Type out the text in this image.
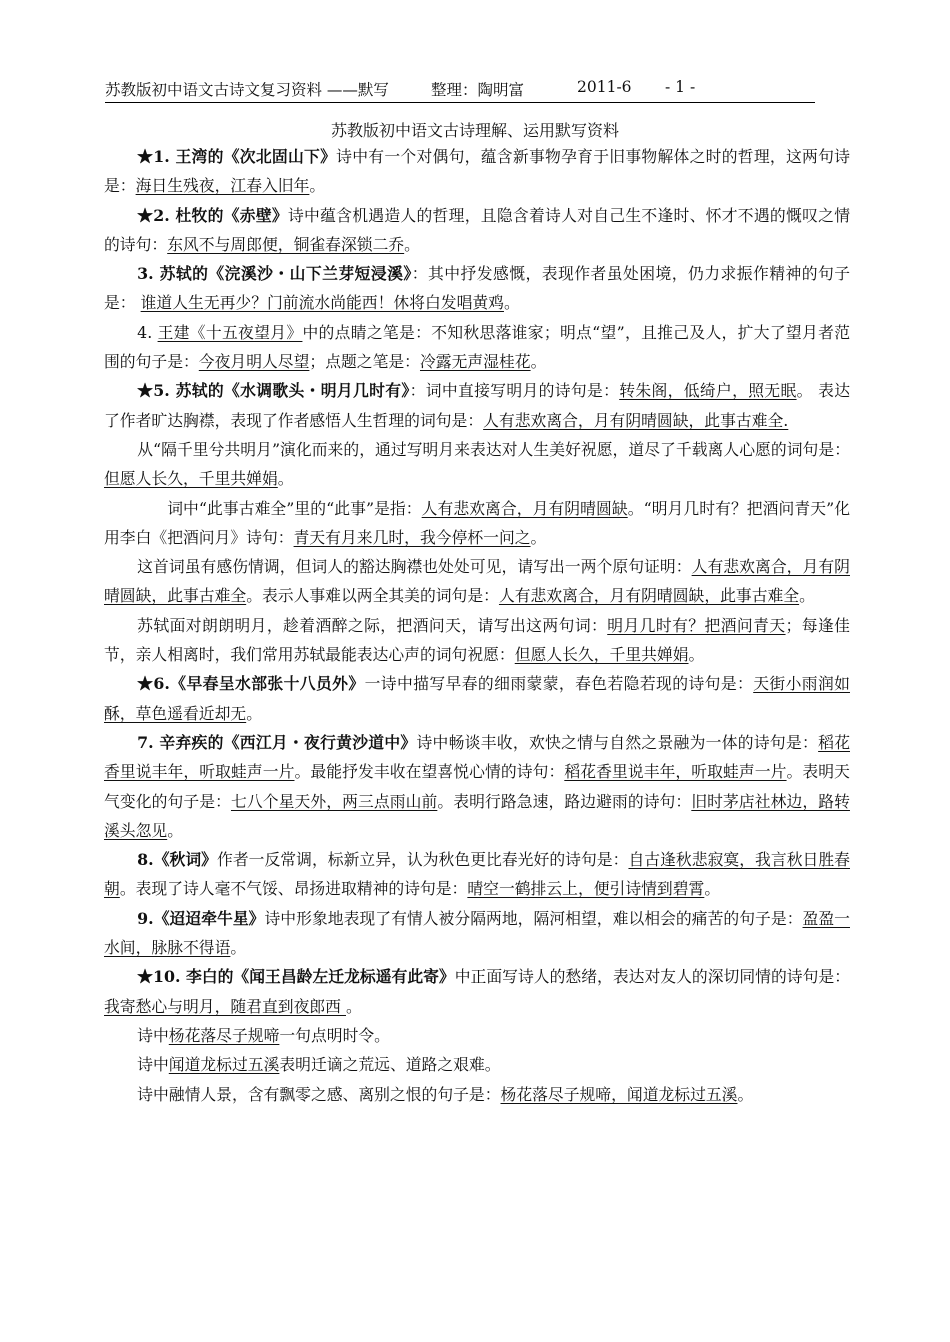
苏教版初中语文古诗文复习资料 ——默写	整理：陶明富	2011-6 - 1 -
苏教版初中语文古诗理解、运用默写资料

★1. 王湾的《次北固山下》诗中有一个对偶句，蕴含新事物孕育于旧事物解体之时的哲理，这两句诗是：海日生残夜，江春入旧年。

★2. 杜牧的《赤壁》诗中蕴含机遇造人的哲理，且隐含着诗人对自己生不逢时、怀才不遇的慨叹之情的诗句：东风不与周郎便，铜雀春深锁二乔。

3. 苏轼的《浣溪沙・山下兰芽短浸溪》：其中抒发感慨，表现作者虽处困境，仍力求振作精神的句子是： 谁道人生无再少？门前流水尚能西！休将白发唱黄鸡。

4. 王建《十五夜望月》中的点睛之笔是：不知秋思落谁家；明点“望”，且推己及人，扩大了望月者范围的句子是：今夜月明人尽望；点题之笔是：冷露无声湿桂花。

★5. 苏轼的《水调歌头・明月几时有》：词中直接写明月的诗句是：转朱阁，低绮户，照无眠。 表达了作者旷达胸襟，表现了作者感悟人生哲理的词句是：人有悲欢离合，月有阴晴圆缺，此事古难全.

从“隔千里兮共明月”演化而来的，通过写明月来表达对人生美好祝愿，道尽了千载离人心愿的词句是：但愿人长久，千里共婵娟。

词中“此事古难全”里的“此事”是指：人有悲欢离合，月有阴晴圆缺。“明月几时有？把酒问青天”化用李白《把酒问月》诗句：青天有月来几时，我今停杯一问之。

这首词虽有感伤情调，但词人的豁达胸襟也处处可见，请写出一两个原句证明：人有悲欢离合，月有阴晴圆缺，此事古难全。表示人事难以两全其美的词句是：人有悲欢离合，月有阴晴圆缺，此事古难全。

苏轼面对朗朗明月，趁着酒醉之际，把酒问天，请写出这两句词：明月几时有？把酒问青天；每逢佳节，亲人相离时，我们常用苏轼最能表达心声的词句祝愿：但愿人长久，千里共婵娟。

★6.《早春呈水部张十八员外》一诗中描写早春的细雨蒙蒙，春色若隐若现的诗句是：天街小雨润如酥，草色遥看近却无。

7. 辛弃疾的《西江月・夜行黄沙道中》诗中畅谈丰收，欢快之情与自然之景融为一体的诗句是：稻花香里说丰年，听取蛙声一片。最能抒发丰收在望喜悦心情的诗句：稻花香里说丰年，听取蛙声一片。表明天气变化的句子是：七八个星天外，两三点雨山前。表明行路急速，路边避雨的诗句：旧时茅店社林边，路转溪头忽见。

8.《秋词》作者一反常调，标新立异，认为秋色更比春光好的诗句是：自古逢秋悲寂寞，我言秋日胜春朝。表现了诗人毫不气馁、昂扬进取精神的诗句是：晴空一鹤排云上，便引诗情到碧霄。

9.《迢迢牵牛星》诗中形象地表现了有情人被分隔两地，隔河相望，难以相会的痛苦的句子是：盈盈一水间，脉脉不得语。

★10. 李白的《闻王昌龄左迁龙标遥有此寄》中正面写诗人的愁绪，表达对友人的深切同情的诗句是：我寄愁心与明月，随君直到夜郎西 。

诗中杨花落尽子规啼一句点明时令。

诗中闻道龙标过五溪表明迁谪之荒远、道路之艰难。

诗中融情人景，含有飘零之感、离别之恨的句子是：杨花落尽子规啼，闻道龙标过五溪。
